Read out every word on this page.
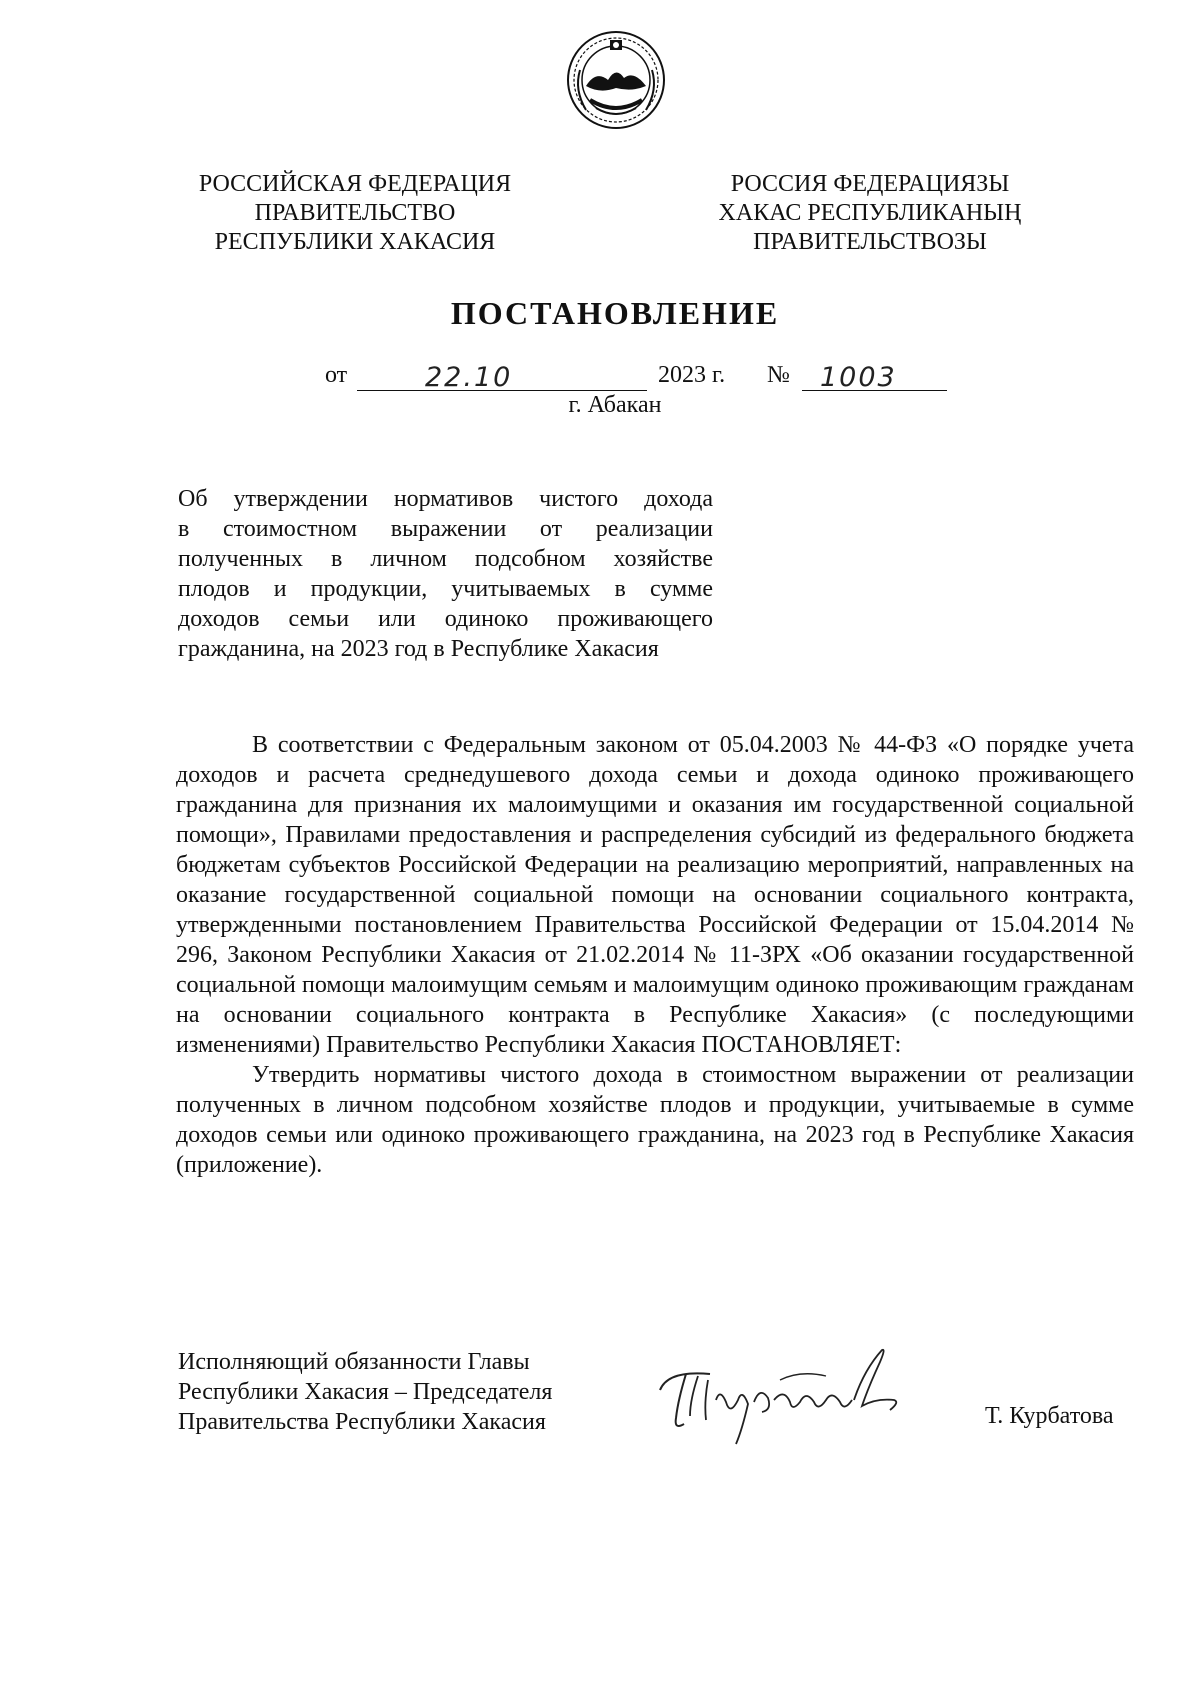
РОССИЙСКАЯ ФЕДЕРАЦИЯ
ПРАВИТЕЛЬСТВО
РЕСПУБЛИКИ ХАКАСИЯ
РОССИЯ ФЕДЕРАЦИЯЗЫ
ХАКАС РЕСПУБЛИКАНЫҢ
ПРАВИТЕЛЬСТВОЗЫ
ПОСТАНОВЛЕНИЕ
от	22.10	2023 г. № 1003
г. Абакан
Об утверждении нормативов чистого дохода
в стоимостном выражении от реализации
полученных в личном подсобном хозяйстве
плодов и продукции, учитываемых в сумме
доходов семьи или одиноко проживающего
гражданина, на 2023 год в Республике Хакасия

В соответствии с Федеральным законом от 05.04.2003 № 44-ФЗ «О порядке учета доходов и расчета среднедушевого дохода семьи и дохода одиноко проживающего гражданина для признания их малоимущими и оказания им государственной социальной помощи», Правилами предоставления и распределения субсидий из федерального бюджета бюджетам субъектов Российской Федерации на реализацию мероприятий, направленных на оказание государственной социальной помощи на основании социального контракта, утвержденными постановлением Правительства Российской Федерации от 15.04.2014 № 296, Законом Республики Хакасия от 21.02.2014 № 11-ЗРХ «Об оказании государственной социальной помощи малоимущим семьям и малоимущим одиноко проживающим гражданам на основании социального контракта в Республике Хакасия» (с последующими изменениями) Правительство Республики Хакасия ПОСТАНОВЛЯЕТ:

Утвердить нормативы чистого дохода в стоимостном выражении от реализации полученных в личном подсобном хозяйстве плодов и продукции, учитываемые в сумме доходов семьи или одиноко проживающего гражданина, на 2023 год в Республике Хакасия (приложение).

Исполняющий обязанности Главы
Республики Хакасия – Председателя
Правительства Республики Хакасия	Т. Курбатова
